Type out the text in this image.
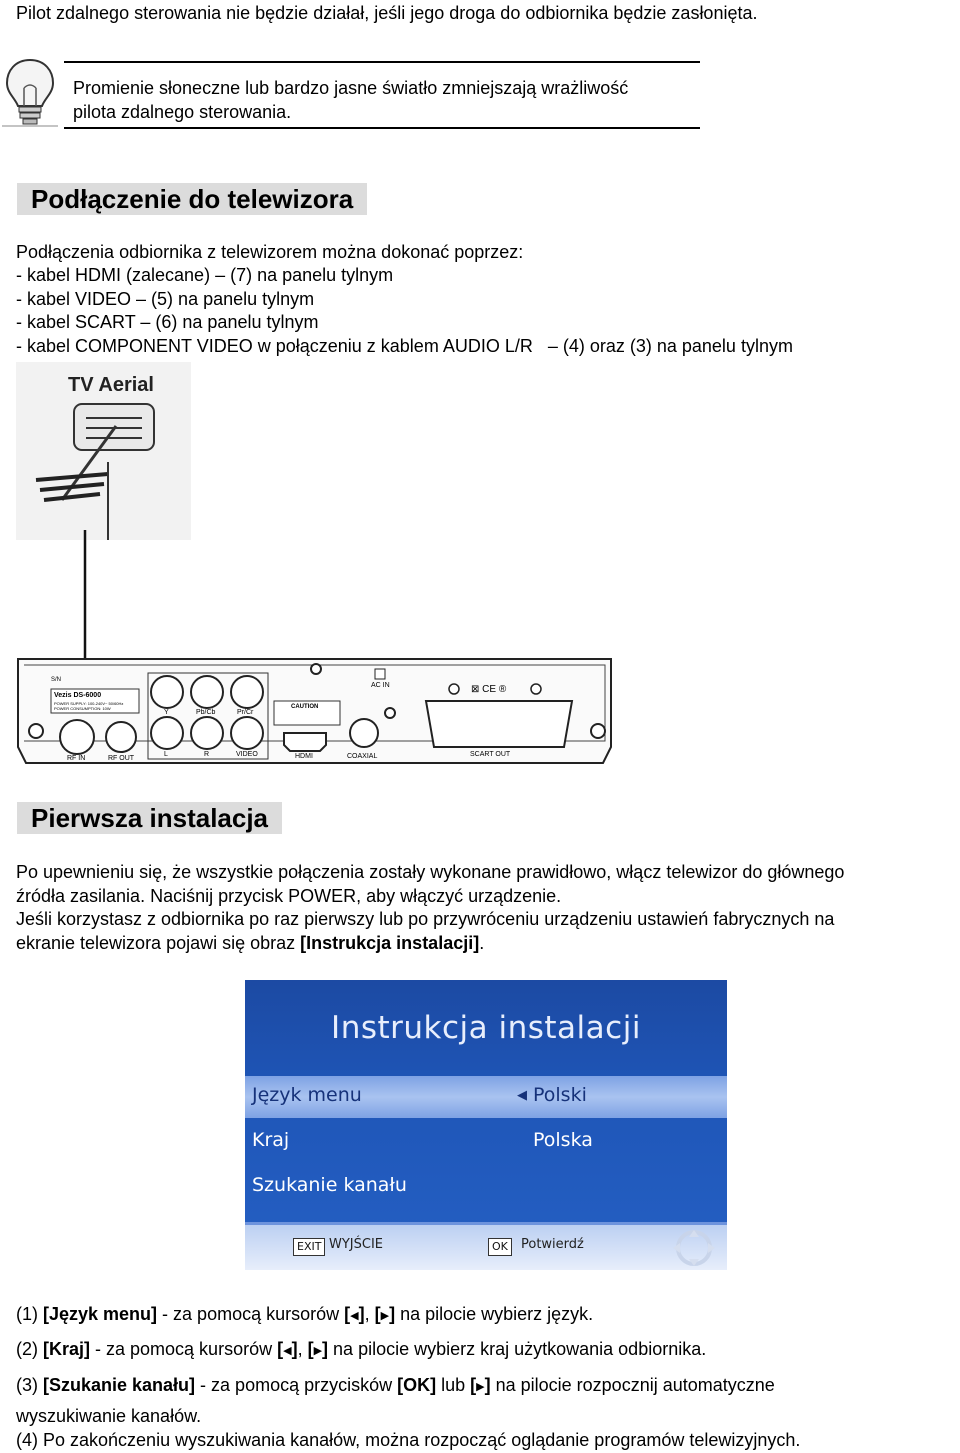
Pilot zdalnego sterowania nie będzie działał, jeśli jego droga do odbiornika będzie zasłonięta.
Promienie słoneczne lub bardzo jasne światło zmniejszają wrażliwość
pilota zdalnego sterowania.
Podłączenie do telewizora
Podłączenia odbiornika z telewizorem można dokonać poprzez:
- kabel HDMI (zalecane) – (7) na panelu tylnym
- kabel VIDEO – (5) na panelu tylnym
- kabel SCART – (6) na panelu tylnym
- kabel COMPONENT VIDEO w połączeniu z kablem AUDIO L/R   – (4) oraz (3) na panelu tylnym
TV Aerial
S/N
Vezis DS-6000
POWER SUPPLY: 100-240V~ 50/60Hz POWER CONSUMPTION: 10W
RF IN	RF OUT
Y	Pb/Cb	Pr/Cr
L	R	VIDEO
CAUTION
HDMI	COAXIAL
AC IN	⊠ CE ®
SCART OUT
Pierwsza instalacja
Po upewnieniu się, że wszystkie połączenia zostały wykonane prawidłowo, włącz telewizor do głównego
źródła zasilania. Naciśnij przycisk POWER, aby włączyć urządzenie.
Jeśli korzystasz z odbiornika po raz pierwszy lub po przywróceniu urządzeniu ustawień fabrycznych na
ekranie telewizora pojawi się obraz [Instrukcja instalacji].
Instrukcja instalacji
Język menu	◀ Polski
Kraj	Polska
Szukanie kanału
EXIT WYJŚCIE	OK	Potwierdź
(1) [Język menu] - za pomocą kursorów [◀], [▶] na pilocie wybierz język.
(2) [Kraj] - za pomocą kursorów [◀], [▶] na pilocie wybierz kraj użytkowania odbiornika.
(3) [Szukanie kanału] - za pomocą przycisków [OK] lub [▶] na pilocie rozpocznij automatyczne
wyszukiwanie kanałów.
(4) Po zakończeniu wyszukiwania kanałów, można rozpocząć oglądanie programów telewizyjnych.
